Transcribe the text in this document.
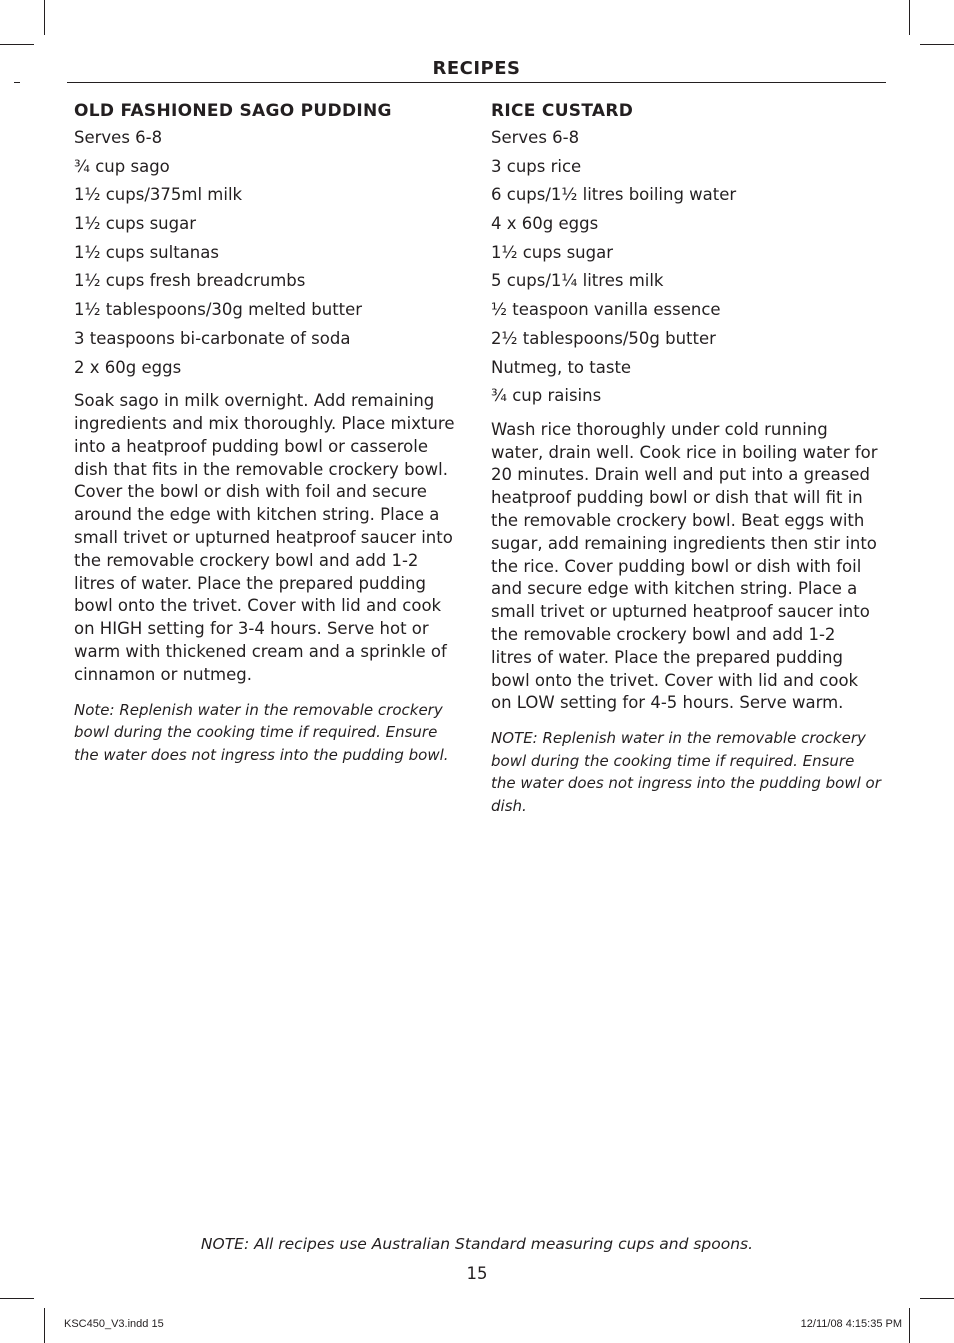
RECIPES
OLD FASHIONED SAGO PUDDING
Serves 6-8
¾ cup sago
1½ cups/375ml milk
1½ cups sugar
1½ cups sultanas
1½ cups fresh breadcrumbs
1½ tablespoons/30g melted butter
3 teaspoons bi-carbonate of soda
2 x 60g eggs

Soak sago in milk overnight. Add remaining ingredients and mix thoroughly. Place mixture into a heatproof pudding bowl or casserole dish that fits in the removable crockery bowl. Cover the bowl or dish with foil and secure around the edge with kitchen string. Place a small trivet or upturned heatproof saucer into the removable crockery bowl and add 1-2 litres of water. Place the prepared pudding bowl onto the trivet. Cover with lid and cook on HIGH setting for 3-4 hours. Serve hot or warm with thickened cream and a sprinkle of cinnamon or nutmeg.

Note: Replenish water in the removable crockery bowl during the cooking time if required. Ensure the water does not ingress into the pudding bowl.

RICE CUSTARD
Serves 6-8
3 cups rice
6 cups/1½ litres boiling water
4 x 60g eggs
1½ cups sugar
5 cups/1¼ litres milk
½ teaspoon vanilla essence
2½ tablespoons/50g butter
Nutmeg, to taste
¾ cup raisins

Wash rice thoroughly under cold running water, drain well. Cook rice in boiling water for 20 minutes. Drain well and put into a greased heatproof pudding bowl or dish that will fit in the removable crockery bowl. Beat eggs with sugar, add remaining ingredients then stir into the rice. Cover pudding bowl or dish with foil and secure edge with kitchen string. Place a small trivet or upturned heatproof saucer into the removable crockery bowl and add 1-2 litres of water. Place the prepared pudding bowl onto the trivet. Cover with lid and cook on LOW setting for 4-5 hours. Serve warm.

NOTE: Replenish water in the removable crockery bowl during the cooking time if required. Ensure the water does not ingress into the pudding bowl or dish.

NOTE: All recipes use Australian Standard measuring cups and spoons.
15
KSC450_V3.indd 15	12/11/08 4:15:35 PM
